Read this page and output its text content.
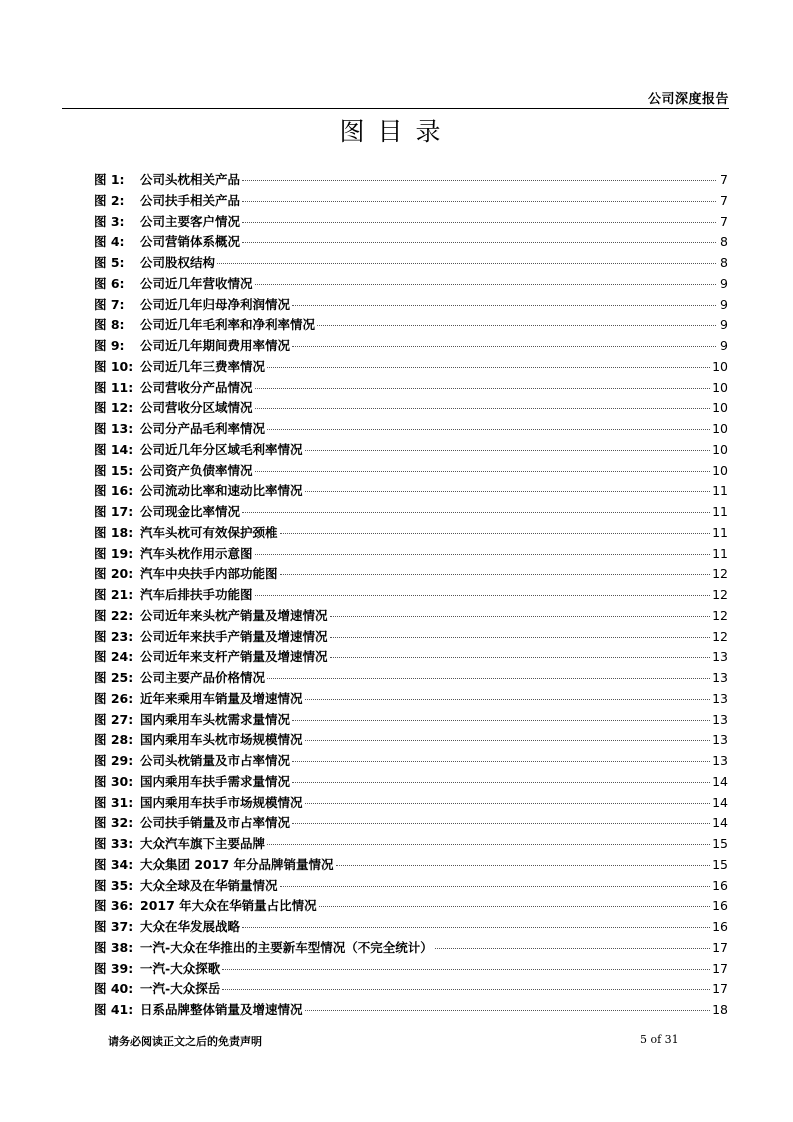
公司深度报告
图目录
图 1: 公司头枕相关产品	7
图 2: 公司扶手相关产品	7
图 3: 公司主要客户情况	7
图 4: 公司营销体系概况	8
图 5: 公司股权结构	8
图 6: 公司近几年营收情况	9
图 7: 公司近几年归母净利润情况	9
图 8: 公司近几年毛利率和净利率情况	9
图 9: 公司近几年期间费用率情况	9
图 10: 公司近几年三费率情况	10
图 11: 公司营收分产品情况	10
图 12: 公司营收分区域情况	10
图 13: 公司分产品毛利率情况	10
图 14: 公司近几年分区域毛利率情况	10
图 15: 公司资产负债率情况	10
图 16: 公司流动比率和速动比率情况	11
图 17: 公司现金比率情况	11
图 18: 汽车头枕可有效保护颈椎	11
图 19: 汽车头枕作用示意图	11
图 20: 汽车中央扶手内部功能图	12
图 21: 汽车后排扶手功能图	12
图 22: 公司近年来头枕产销量及增速情况	12
图 23: 公司近年来扶手产销量及增速情况	12
图 24: 公司近年来支杆产销量及增速情况	13
图 25: 公司主要产品价格情况	13
图 26: 近年来乘用车销量及增速情况	13
图 27: 国内乘用车头枕需求量情况	13
图 28: 国内乘用车头枕市场规模情况	13
图 29: 公司头枕销量及市占率情况	13
图 30: 国内乘用车扶手需求量情况	14
图 31: 国内乘用车扶手市场规模情况	14
图 32: 公司扶手销量及市占率情况	14
图 33: 大众汽车旗下主要品牌	15
图 34: 大众集团 2017 年分品牌销量情况	15
图 35: 大众全球及在华销量情况	16
图 36: 2017 年大众在华销量占比情况	16
图 37: 大众在华发展战略	16
图 38: 一汽-大众在华推出的主要新车型情况（不完全统计）	17
图 39: 一汽-大众探歌	17
图 40: 一汽-大众探岳	17
图 41: 日系品牌整体销量及增速情况	18
请务必阅读正文之后的免责声明	5 of 31
